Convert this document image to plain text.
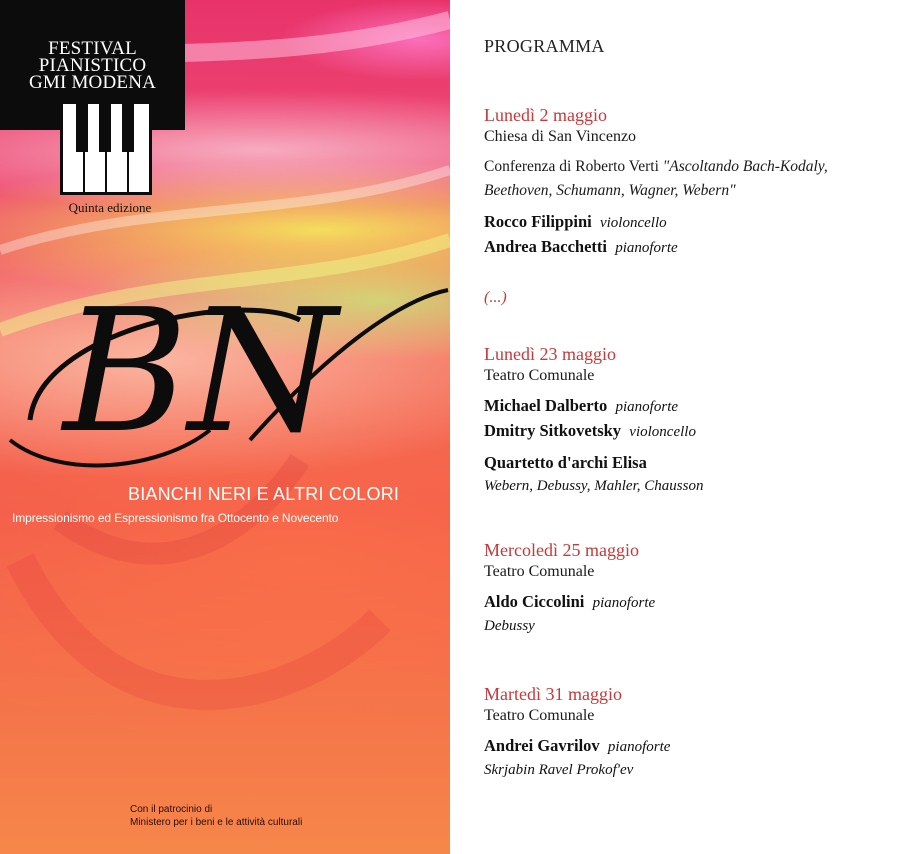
FESTIVAL
PIANISTICO
GMI MODENA
Quinta edizione
BN
BIANCHI NERI E ALTRI COLORI
Impressionismo ed Espressionismo fra Ottocento e Novecento
Con il patrocinio di
Ministero per i beni e le attività culturali
PROGRAMMA
Lunedì 2 maggio
Chiesa di San Vincenzo
Conferenza di Roberto Verti "Ascoltando Bach-Kodaly, Beethoven, Schumann, Wagner, Webern"
Rocco Filippini violoncello
Andrea Bacchetti pianoforte
(...)
Lunedì 23 maggio
Teatro Comunale
Michael Dalberto pianoforte
Dmitry Sitkovetsky violoncello
Quartetto d'archi Elisa
Webern, Debussy, Mahler, Chausson
Mercoledì 25 maggio
Teatro Comunale
Aldo Ciccolini pianoforte
Debussy
Martedì 31 maggio
Teatro Comunale
Andrei Gavrilov pianoforte
Skrjabin Ravel Prokof'ev
